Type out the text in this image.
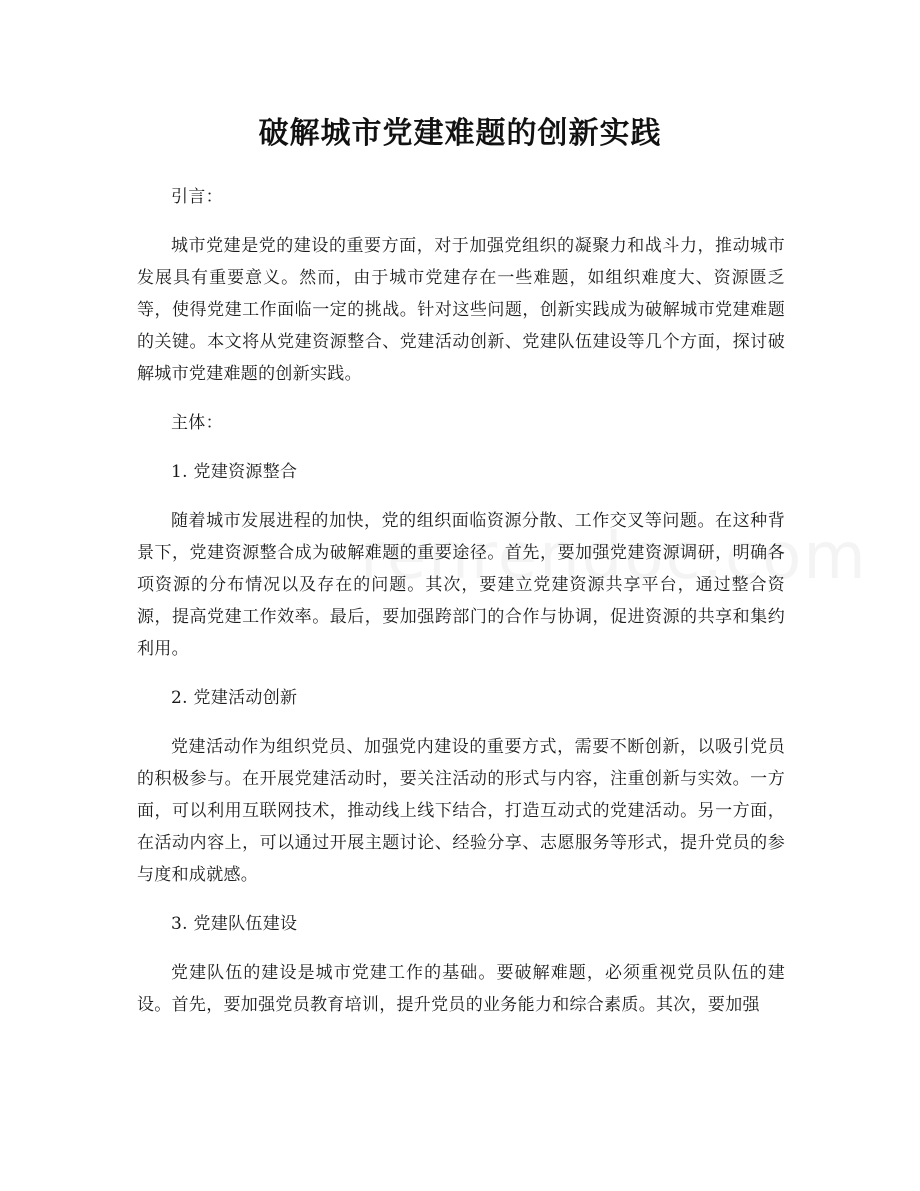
破解城市党建难题的创新实践

引言：

城市党建是党的建设的重要方面，对于加强党组织的凝聚力和战斗力，推动城市发展具有重要意义。然而，由于城市党建存在一些难题，如组织难度大、资源匮乏等，使得党建工作面临一定的挑战。针对这些问题，创新实践成为破解城市党建难题的关键。本文将从党建资源整合、党建活动创新、党建队伍建设等几个方面，探讨破解城市党建难题的创新实践。

主体：

1. 党建资源整合

随着城市发展进程的加快，党的组织面临资源分散、工作交叉等问题。在这种背景下，党建资源整合成为破解难题的重要途径。首先，要加强党建资源调研，明确各项资源的分布情况以及存在的问题。其次，要建立党建资源共享平台，通过整合资源，提高党建工作效率。最后，要加强跨部门的合作与协调，促进资源的共享和集约利用。

2. 党建活动创新

党建活动作为组织党员、加强党内建设的重要方式，需要不断创新，以吸引党员的积极参与。在开展党建活动时，要关注活动的形式与内容，注重创新与实效。一方面，可以利用互联网技术，推动线上线下结合，打造互动式的党建活动。另一方面，在活动内容上，可以通过开展主题讨论、经验分享、志愿服务等形式，提升党员的参与度和成就感。

3. 党建队伍建设

党建队伍的建设是城市党建工作的基础。要破解难题，必须重视党员队伍的建设。首先，要加强党员教育培训，提升党员的业务能力和综合素质。其次，要加强
